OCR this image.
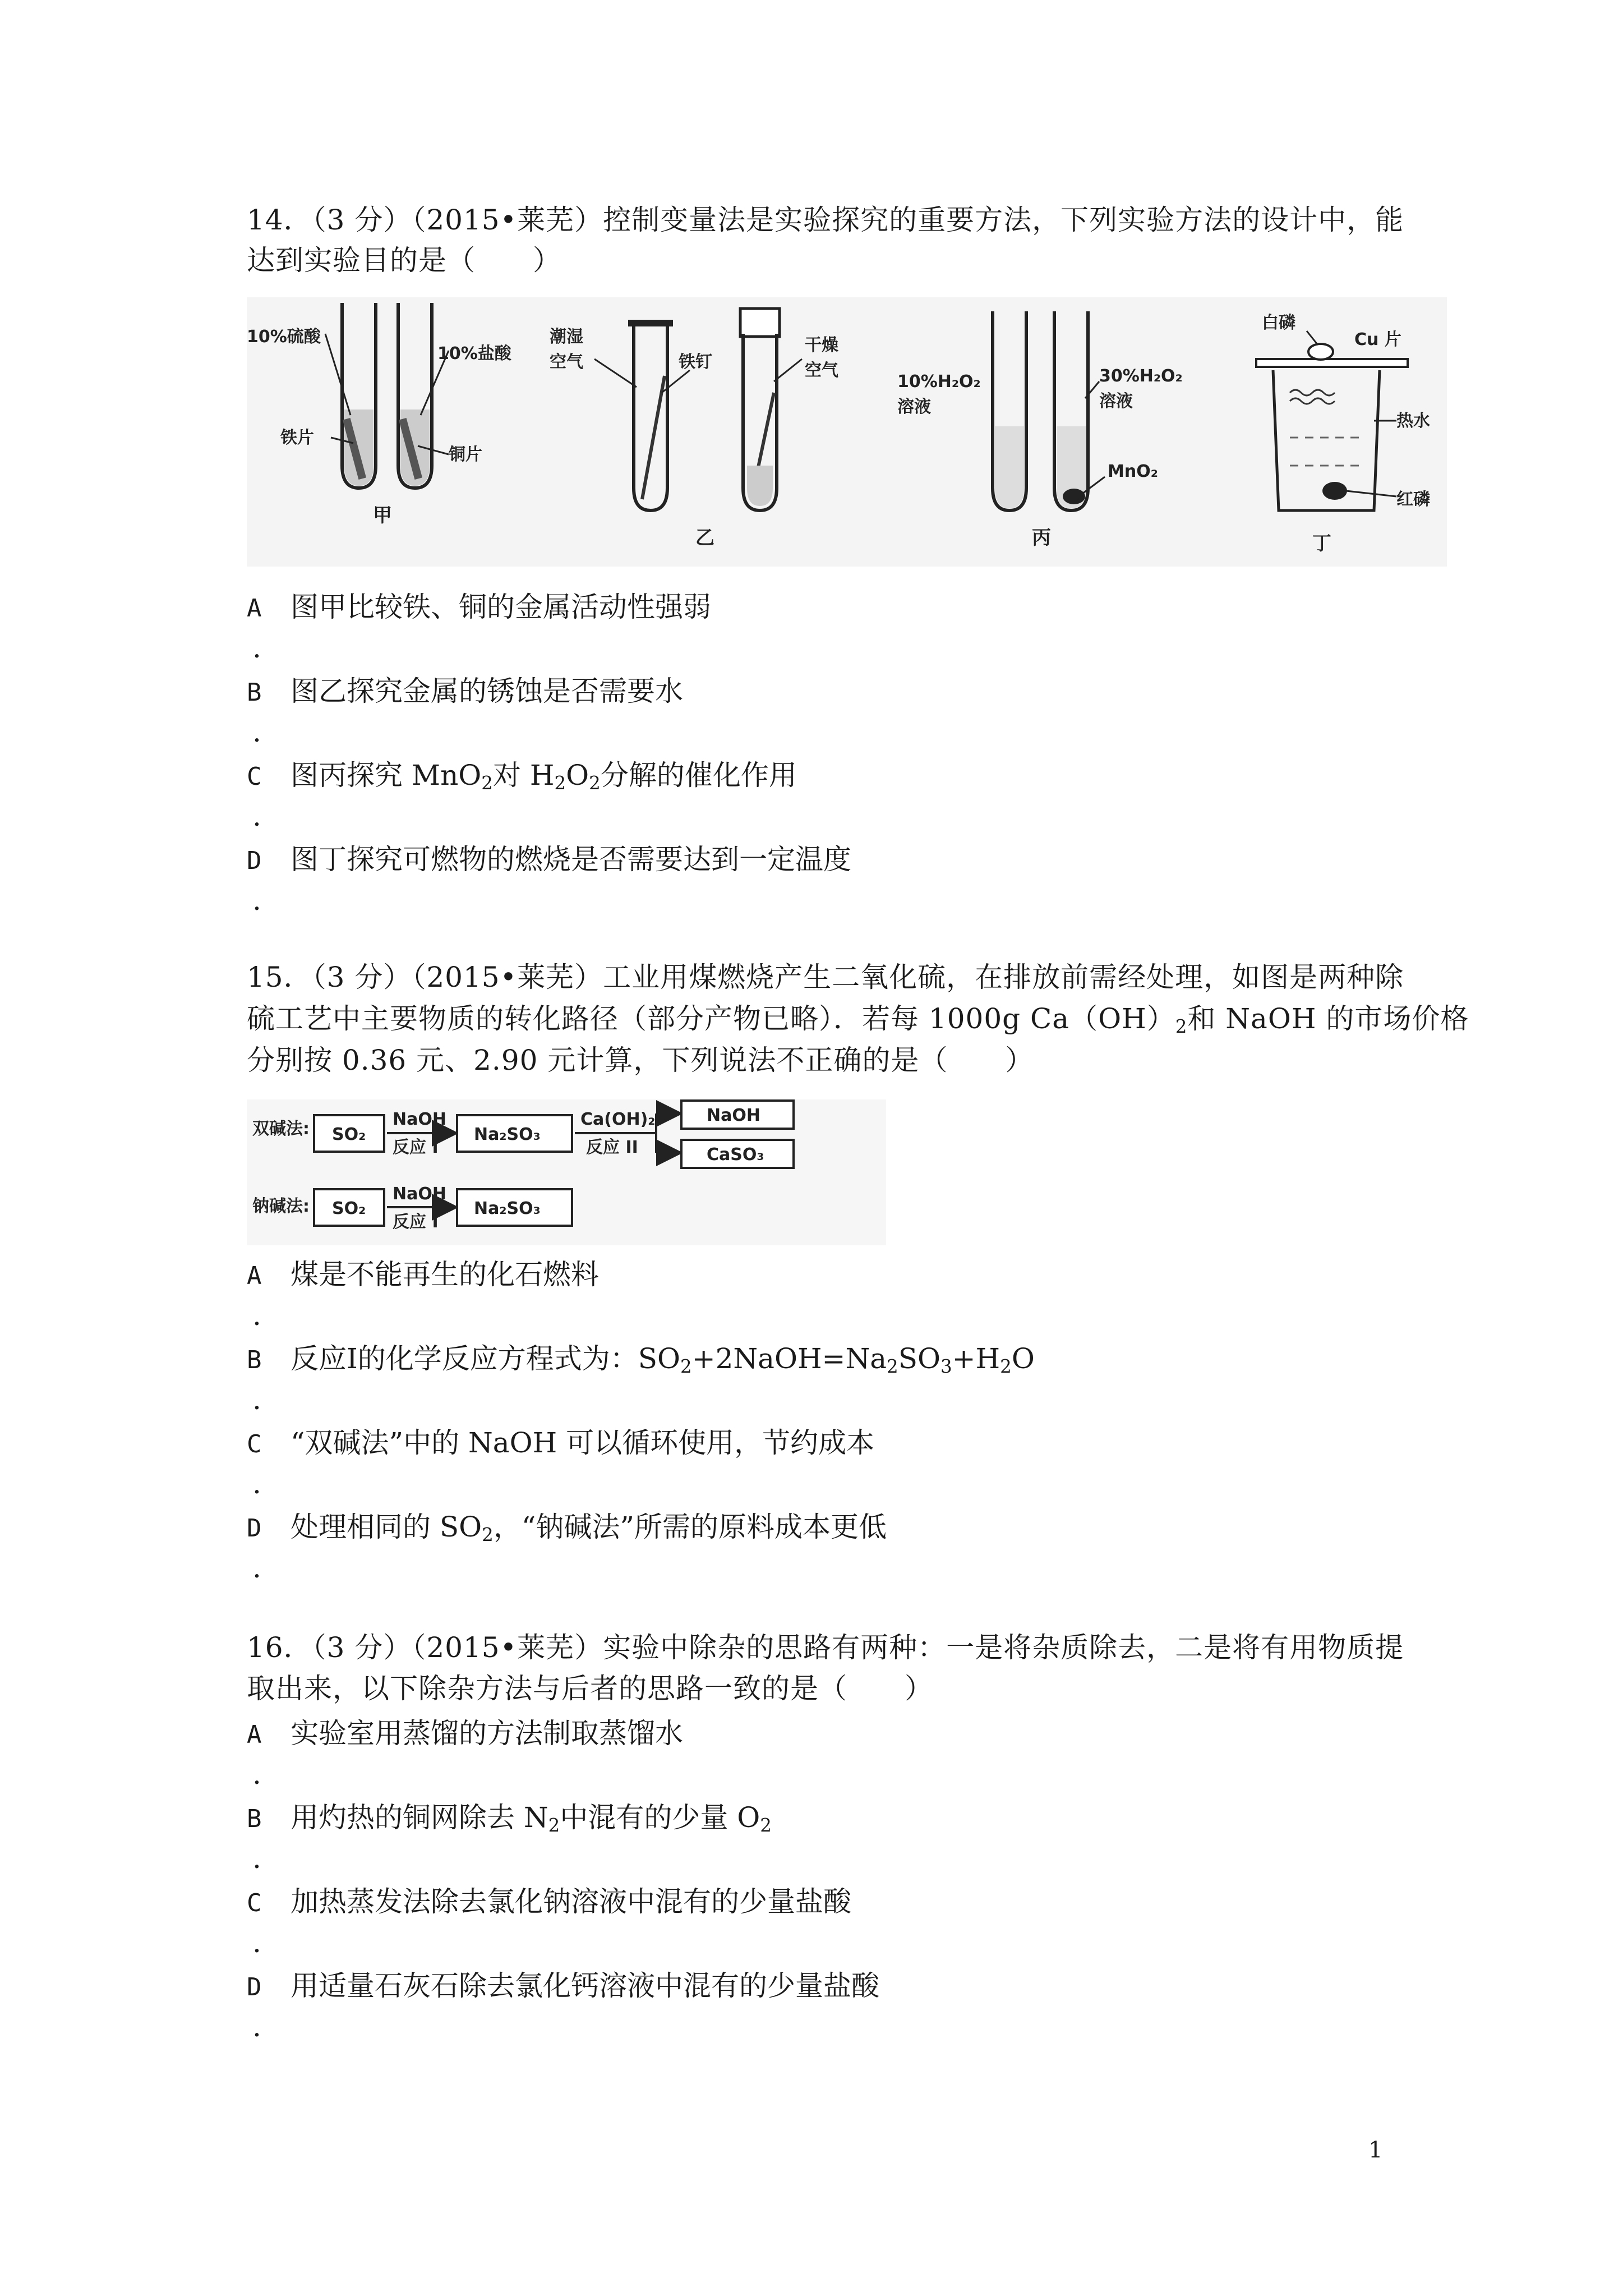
14．（3 分）（2015•莱芜）控制变量法是实验探究的重要方法，下列实验方法的设计中，能
达到实验目的是（　　）
10%硫酸
10%盐酸
铁片
铜片
甲
潮湿
空气	铁钉
干燥
空气
乙
10%H₂O₂
溶液
30%H₂O₂
溶液
MnO₂
丙
白磷
Cu 片
热水
红磷
丁
A 图甲比较铁、铜的金属活动性强弱
.
B 图乙探究金属的锈蚀是否需要水
.
C 图丙探究 MnO$_2$对 $H_2O_2$分解的催化作用
.
D 图丁探究可燃物的燃烧是否需要达到一定温度
.
15．（3 分）（2015•莱芜）工业用煤燃烧产生二氧化硫，在排放前需经处理，如图是两种除
硫工艺中主要物质的转化路径（部分产物已略）．若每 1000g $Ca(OH)_2$和 NaOH 的市场价格
分别按 0.36 元、2.90 元计算，下列说法不正确的是（　　）
双碱法: SO₂
NaOH
反应 I
Na₂SO₃
Ca(OH)₂
反应 II
NaOH
CaSO₃
钠碱法: SO₂
NaOH
反应 I
Na₂SO₃
A 煤是不能再生的化石燃料
.
B 反应Ⅰ的化学反应方程式为：$SO_2+2NaOH=Na_2SO_3+H_2O$
.
C “双碱法”中的 NaOH 可以循环使用，节约成本
.
D 处理相同的 $SO_2$，“钠碱法”所需的原料成本更低
.
16．（3 分）（2015•莱芜）实验中除杂的思路有两种：一是将杂质除去，二是将有用物质提
取出来，以下除杂方法与后者的思路一致的是（　　）
A 实验室用蒸馏的方法制取蒸馏水
.
B 用灼热的铜网除去 $N_2$中混有的少量 $O_2$
.
C 加热蒸发法除去氯化钠溶液中混有的少量盐酸
.
D 用适量石灰石除去氯化钙溶液中混有的少量盐酸
.
1
